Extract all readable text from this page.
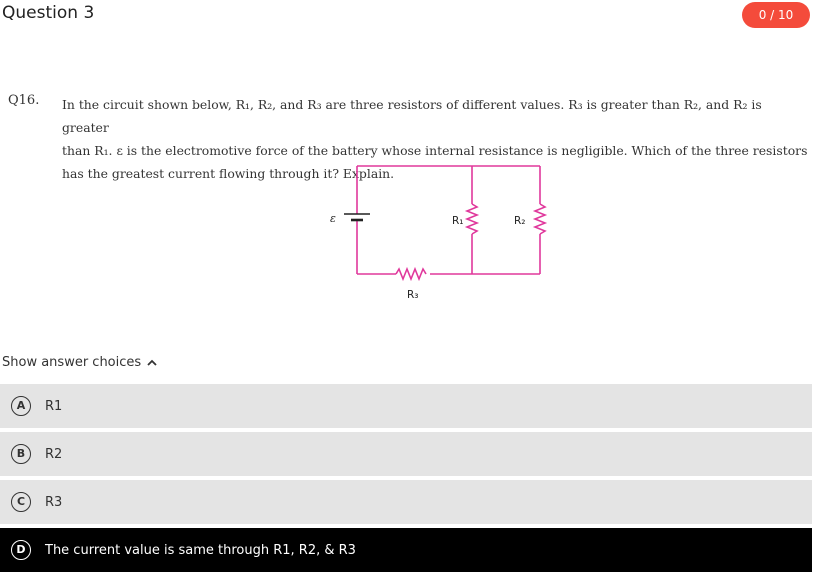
Question 3	0 / 10
Q16. In the circuit shown below, R₁, R₂, and R₃ are three resistors of different values. R₃ is greater than R₂, and R₂ is greater
than R₁. ε is the electromotive force of the battery whose internal resistance is negligible. Which of the three resistors
has the greatest current flowing through it? Explain.
ε	R₁	R₂
R₃
Show answer choices
A	R1
B	R2
C	R3
D	The current value is same through R1, R2, & R3
